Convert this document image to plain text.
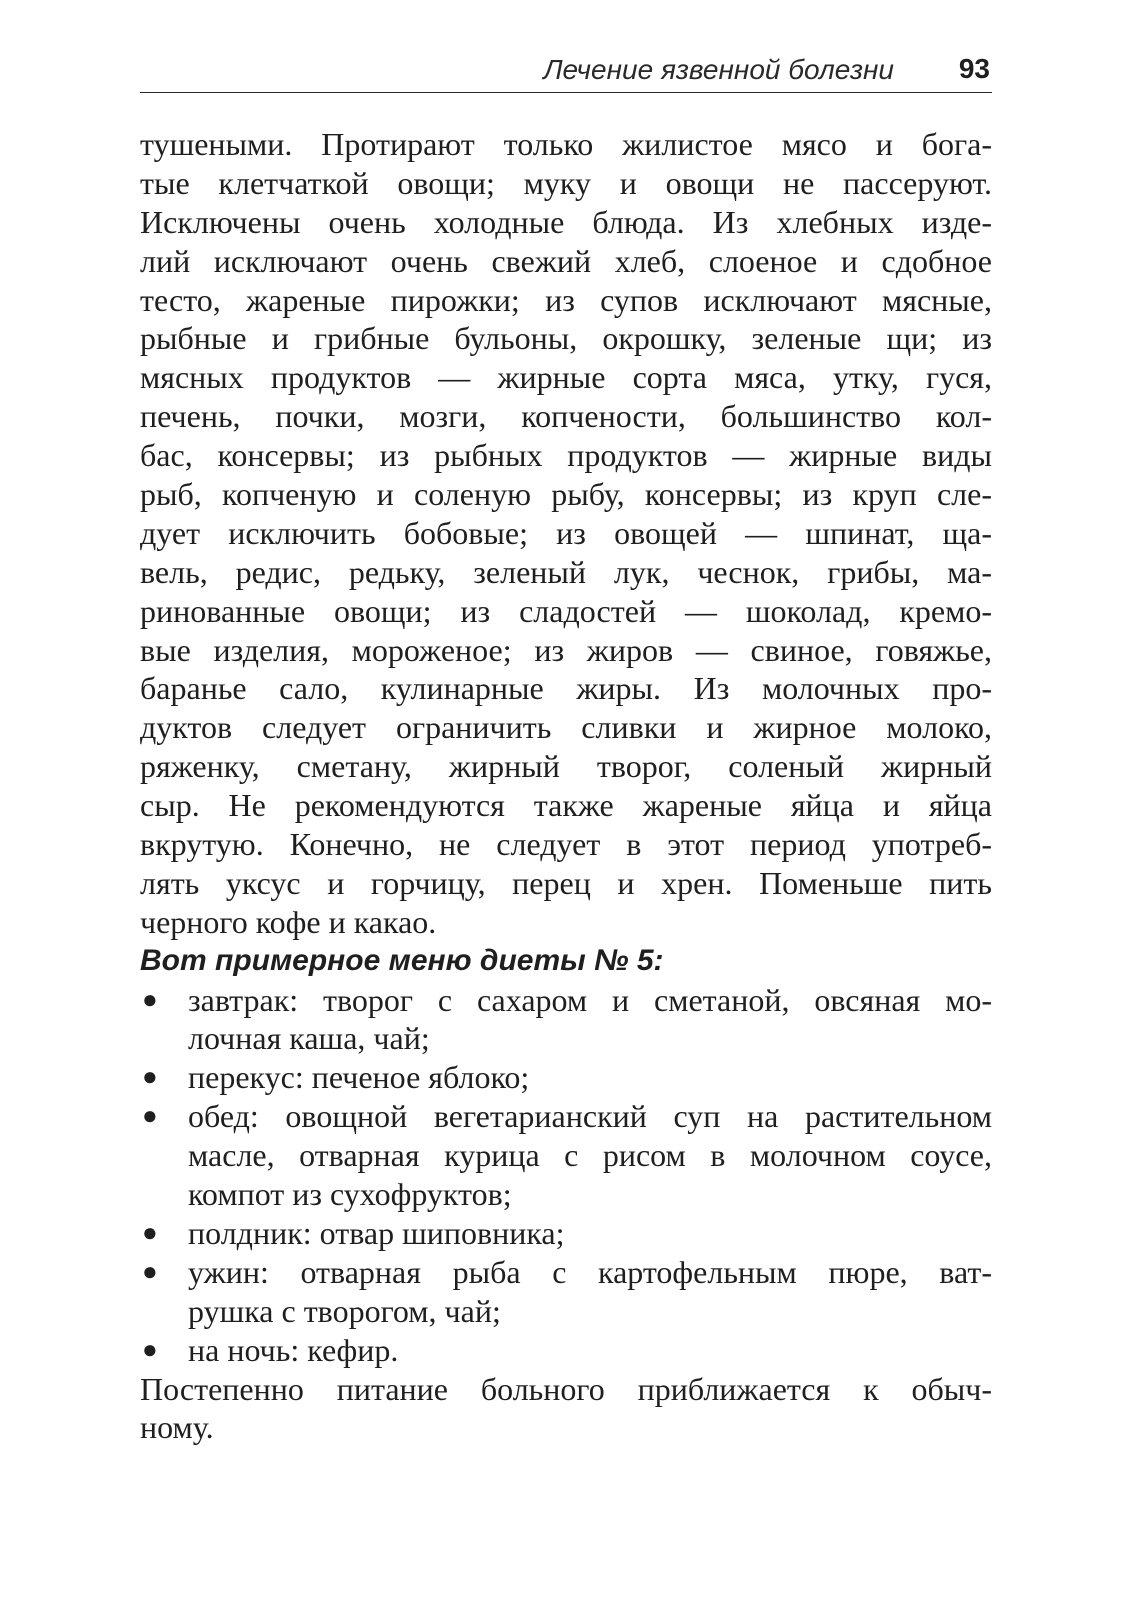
Лечение язвенной болезни 93
тушеными. Протирают только жилистое мясо и бога-
тые клетчаткой овощи; муку и овощи не пассеруют.
Исключены очень холодные блюда. Из хлебных изде-
лий исключают очень свежий хлеб, слоеное и сдобное
тесто, жареные пирожки; из супов исключают мясные,
рыбные и грибные бульоны, окрошку, зеленые щи; из
мясных продуктов — жирные сорта мяса, утку, гуся,
печень, почки, мозги, копчености, большинство кол-
бас, консервы; из рыбных продуктов — жирные виды
рыб, копченую и соленую рыбу, консервы; из круп сле-
дует исключить бобовые; из овощей — шпинат, ща-
вель, редис, редьку, зеленый лук, чеснок, грибы, ма-
ринованные овощи; из сладостей — шоколад, кремо-
вые изделия, мороженое; из жиров — свиное, говяжье,
баранье сало, кулинарные жиры. Из молочных про-
дуктов следует ограничить сливки и жирное молоко,
ряженку, сметану, жирный творог, соленый жирный
сыр. Не рекомендуются также жареные яйца и яйца
вкрутую. Конечно, не следует в этот период употреб-
лять уксус и горчицу, перец и хрен. Поменьше пить
черного кофе и какао.
Вот примерное меню диеты № 5:
● завтрак: творог с сахаром и сметаной, овсяная мо-
лочная каша, чай;
● перекус: печеное яблоко;
● обед: овощной вегетарианский суп на растительном
масле, отварная курица с рисом в молочном соусе,
компот из сухофруктов;
● полдник: отвар шиповника;
● ужин: отварная рыба с картофельным пюре, ват-
рушка с творогом, чай;
● на ночь: кефир.
Постепенно питание больного приближается к обыч-
ному.
